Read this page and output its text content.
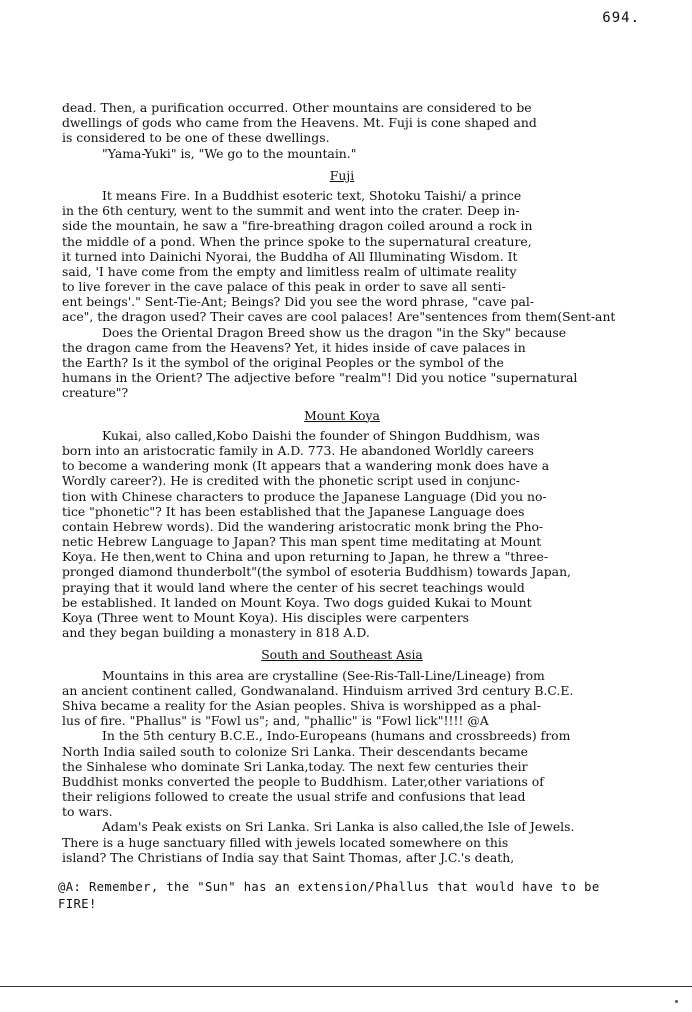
694.
dead. Then, a purification occurred. Other mountains are considered to be
dwellings of gods who came from the Heavens. Mt. Fuji is cone shaped and
is considered to be one of these dwellings.
"Yama-Yuki" is, "We go to the mountain."
Fuji
It means Fire. In a Buddhist esoteric text, Shotoku Taishi/ a prince
in the 6th century, went to the summit and went into the crater. Deep in-
side the mountain, he saw a "fire-breathing dragon coiled around a rock in
the middle of a pond. When the prince spoke to the supernatural creature,
it turned into Dainichi Nyorai, the Buddha of All Illuminating Wisdom. It
said, 'I have come from the empty and limitless realm of ultimate reality
to live forever in the cave palace of this peak in order to save all senti-
ent beings'." Sent-Tie-Ant; Beings? Did you see the word phrase, "cave pal-
ace", the dragon used? Their caves are cool palaces! Are"sentences from them(Sent-ant
Does the Oriental Dragon Breed show us the dragon "in the Sky" because
the dragon came from the Heavens? Yet, it hides inside of cave palaces in
the Earth? Is it the symbol of the original Peoples or the symbol of the
humans in the Orient? The adjective before "realm"! Did you notice "supernatural
creature"?
Mount Koya
Kukai, also called,Kobo Daishi the founder of Shingon Buddhism, was
born into an aristocratic family in A.D. 773. He abandoned Worldly careers
to become a wandering monk (It appears that a wandering monk does have a
Wordly career?). He is credited with the phonetic script used in conjunc-
tion with Chinese characters to produce the Japanese Language (Did you no-
tice "phonetic"? It has been established that the Japanese Language does
contain Hebrew words). Did the wandering aristocratic monk bring the Pho-
netic Hebrew Language to Japan? This man spent time meditating at Mount
Koya. He then,went to China and upon returning to Japan, he threw a "three-
pronged diamond thunderbolt"(the symbol of esoteria Buddhism) towards Japan,
praying that it would land where the center of his secret teachings would
be established. It landed on Mount Koya. Two dogs guided Kukai to Mount
Koya (Three went to Mount Koya). His disciples were carpenters
and they began building a monastery in 818 A.D.
South and Southeast Asia
Mountains in this area are crystalline (See-Ris-Tall-Line/Lineage) from
an ancient continent called, Gondwanaland. Hinduism arrived 3rd century B.C.E.
Shiva became a reality for the Asian peoples. Shiva is worshipped as a phal-
lus of fire. "Phallus" is "Fowl us"; and, "phallic" is "Fowl lick"!!!! @A
In the 5th century B.C.E., Indo-Europeans (humans and crossbreeds) from
North India sailed south to colonize Sri Lanka. Their descendants became
the Sinhalese who dominate Sri Lanka,today. The next few centuries their
Buddhist monks converted the people to Buddhism. Later,other variations of
their religions followed to create the usual strife and confusions that lead
to wars.
Adam's Peak exists on Sri Lanka. Sri Lanka is also called,the Isle of Jewels.
There is a huge sanctuary filled with jewels located somewhere on this
island? The Christians of India say that Saint Thomas, after J.C.'s death,
@A: Remember, the "Sun" has an extension/Phallus that would have to be
FIRE!
